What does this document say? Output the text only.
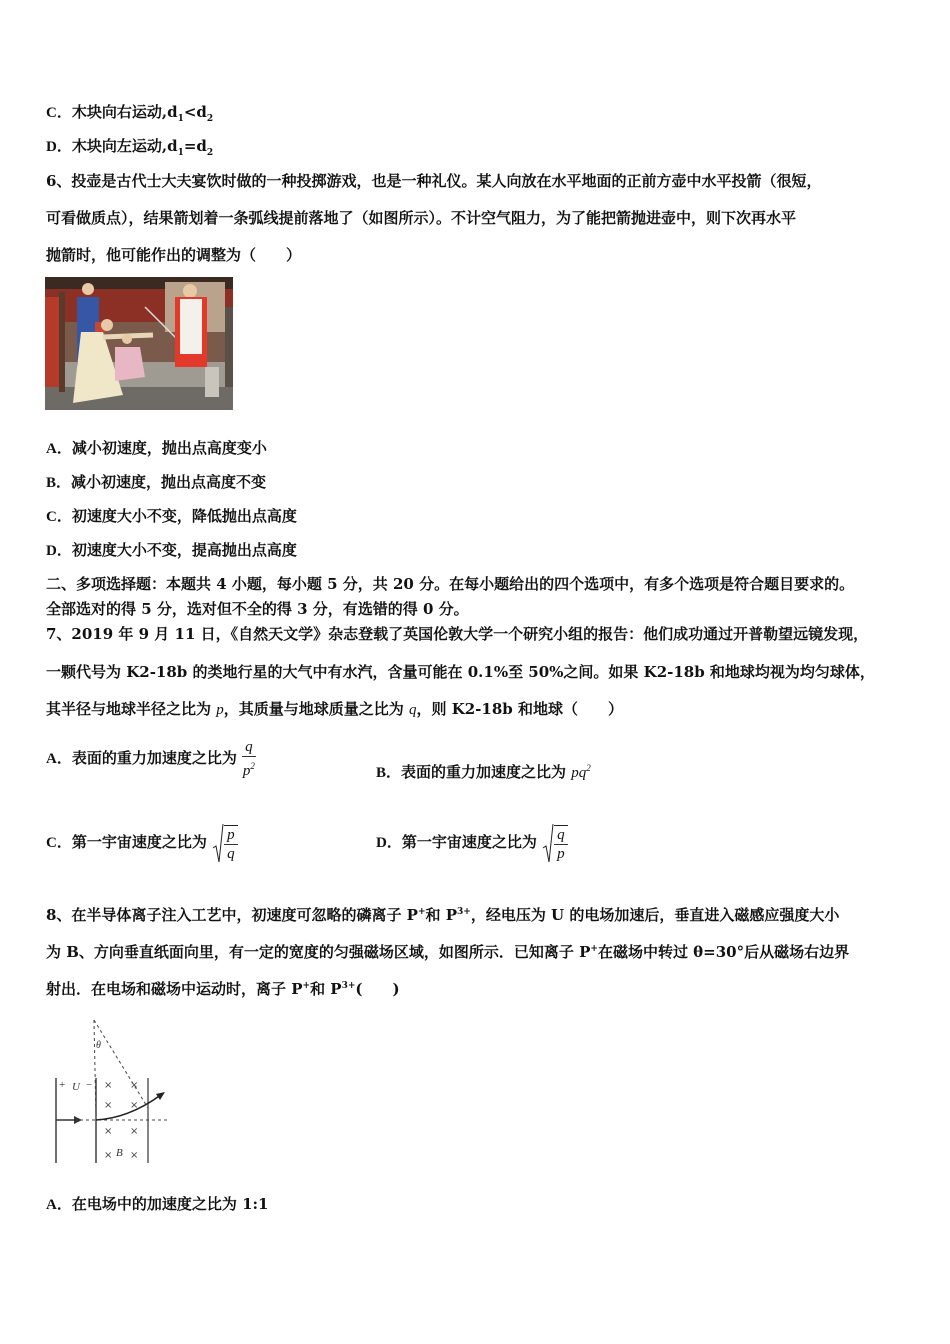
C．木块向右运动$,d_1<d_2$
D．木块向左运动$,d_1=d_2$
6、投壶是古代士大夫宴饮时做的一种投掷游戏，也是一种礼仪。某人向放在水平地面的正前方壶中水平投箭（很短，
可看做质点），结果箭划着一条弧线提前落地了（如图所示）。不计空气阻力，为了能把箭抛进壶中，则下次再水平
抛箭时，他可能作出的调整为（　　）
A．减小初速度，抛出点高度变小
B．减小初速度，抛出点高度不变
C．初速度大小不变，降低抛出点高度
D．初速度大小不变，提高抛出点高度
二、多项选择题：本题共 4 小题，每小题 5 分，共 20 分。在每小题给出的四个选项中，有多个选项是符合题目要求的。
全部选对的得 5 分，选对但不全的得 3 分，有选错的得 0 分。
7、2019 年 9 月 11 日，《自然天文学》杂志登载了英国伦敦大学一个研究小组的报告：他们成功通过开普勒望远镜发现，
一颗代号为 K2-18b 的类地行星的大气中有水汽，含量可能在 0.1%至 50%之间。如果 K2-18b 和地球均视为均匀球体，
其半径与地球半径之比为 p，其质量与地球质量之比为 q，则 K2-18b 和地球（　　）
A．表面的重力加速度之比为 $\frac{q}{p^2}$	B．表面的重力加速度之比为 $pq^2$
C．第一宇宙速度之比为 $\frac{p}{q}$	D．第一宇宙速度之比为 $\frac{q}{p}$
8、在半导体离子注入工艺中，初速度可忽略的磷离子 P+和 $P^{3+}$，经电压为 U 的电场加速后，垂直进入磁感应强度大小
为 B、方向垂直纸面向里，有一定的宽度的匀强磁场区域，如图所示．已知离子 P+在磁场中转过 θ=30°后从磁场右边界
射出．在电场和磁场中运动时，离子 P+和 $P^{3+}$(　　)
+ U −
θ
B
× ×
× ×
× ×
× ×
A．在电场中的加速度之比为 1:1
